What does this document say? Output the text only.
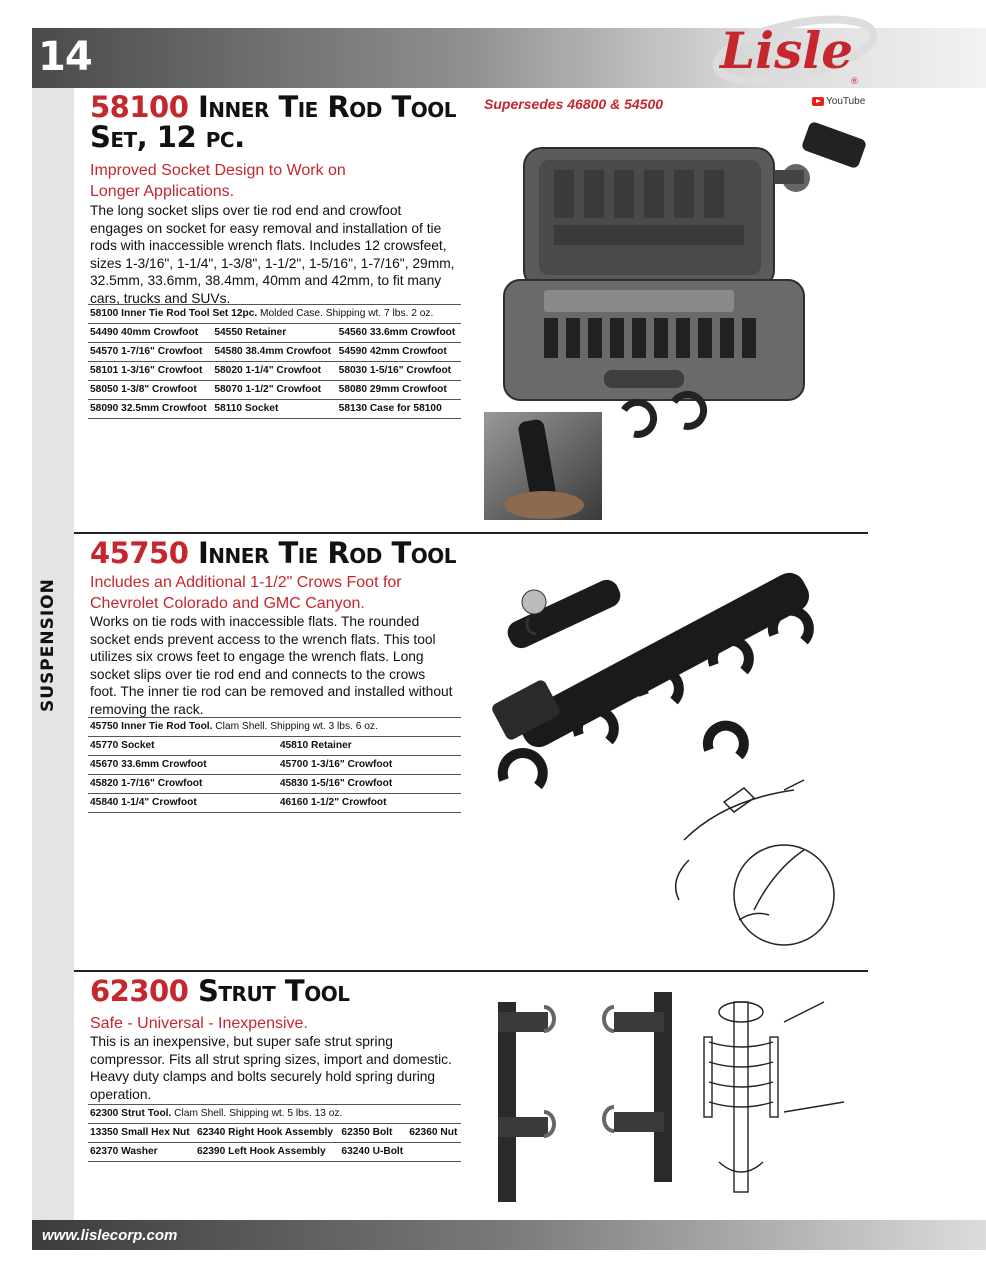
14
SUSPENSION
Lisle
®
58100 Inner Tie Rod Tool
Set, 12 pc.
Improved Socket Design to Work on
Longer Applications.
The long socket slips over tie rod end and crowfoot engages on socket for easy removal and installation of tie rods with inaccessible wrench flats. Includes 12 crowsfeet, sizes 1-3/16", 1-1/4", 1-3/8", 1-1/2", 1-5/16", 1-7/16", 29mm, 32.5mm, 33.6mm, 38.4mm, 40mm and 42mm, to fit many cars, trucks and SUVs.
Supersedes 46800 & 54500	YouTube
58100 Inner Tie Rod Tool Set 12pc. Molded Case. Shipping wt. 7 lbs. 2 oz.		
54490 40mm Crowfoot	54550 Retainer	54560 33.6mm Crowfoot
54570 1-7/16" Crowfoot	54580 38.4mm Crowfoot	54590 42mm Crowfoot
58101 1-3/16" Crowfoot	58020 1-1/4" Crowfoot	58030 1-5/16" Crowfoot
58050 1-3/8" Crowfoot	58070 1-1/2" Crowfoot	58080 29mm Crowfoot
58090 32.5mm Crowfoot	58110 Socket	58130 Case for 58100
45750 Inner Tie Rod Tool
Includes an Additional 1-1/2" Crows Foot for
Chevrolet Colorado and GMC Canyon.
Works on tie rods with inaccessible flats. The rounded socket ends prevent access to the wrench flats. This tool utilizes six crows feet to engage the wrench flats. Long socket slips over tie rod end and connects to the crows foot. The inner tie rod can be removed and installed without removing the rack.
45750 Inner Tie Rod Tool. Clam Shell. Shipping wt. 3 lbs. 6 oz.	
45770 Socket	45810 Retainer
45670 33.6mm Crowfoot	45700 1-3/16" Crowfoot
45820 1-7/16" Crowfoot	45830 1-5/16" Crowfoot
45840 1-1/4" Crowfoot	46160 1-1/2" Crowfoot
62300 Strut Tool
Safe - Universal - Inexpensive.
This is an inexpensive, but super safe strut spring compressor. Fits all strut spring sizes, import and domestic. Heavy duty clamps and bolts securely hold spring during operation.
62300 Strut Tool. Clam Shell. Shipping wt. 5 lbs. 13 oz.			
13350 Small Hex Nut	62340 Right Hook Assembly	62350 Bolt	62360 Nut
62370 Washer	62390 Left Hook Assembly	63240 U-Bolt	
www.lislecorp.com
